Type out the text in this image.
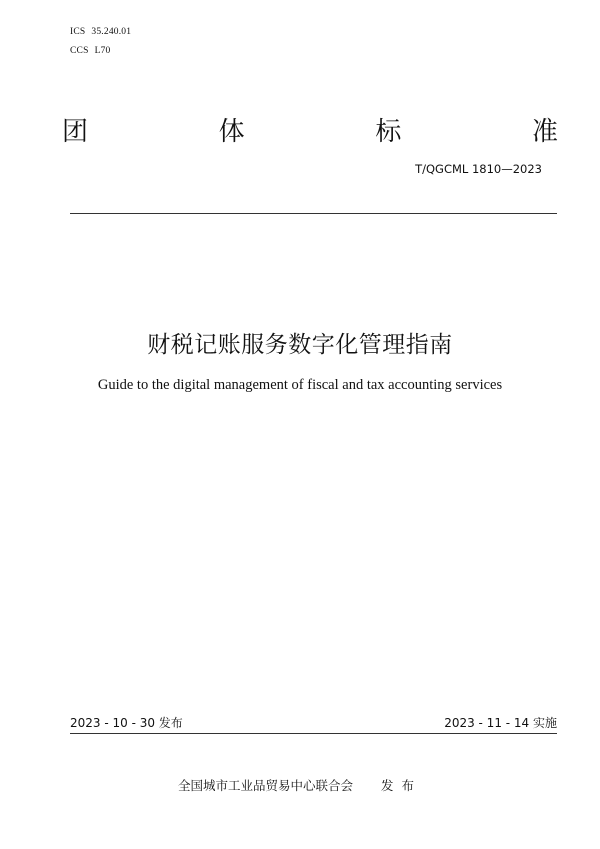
ICS 35.240.01
CCS L70
团	体	标	准
T/QGCML 1810—2023
财税记账服务数字化管理指南
Guide to the digital management of fiscal and tax accounting services
2023 - 10 - 30 发布	2023 - 11 - 14 实施
全国城市工业品贸易中心联合会 发布
